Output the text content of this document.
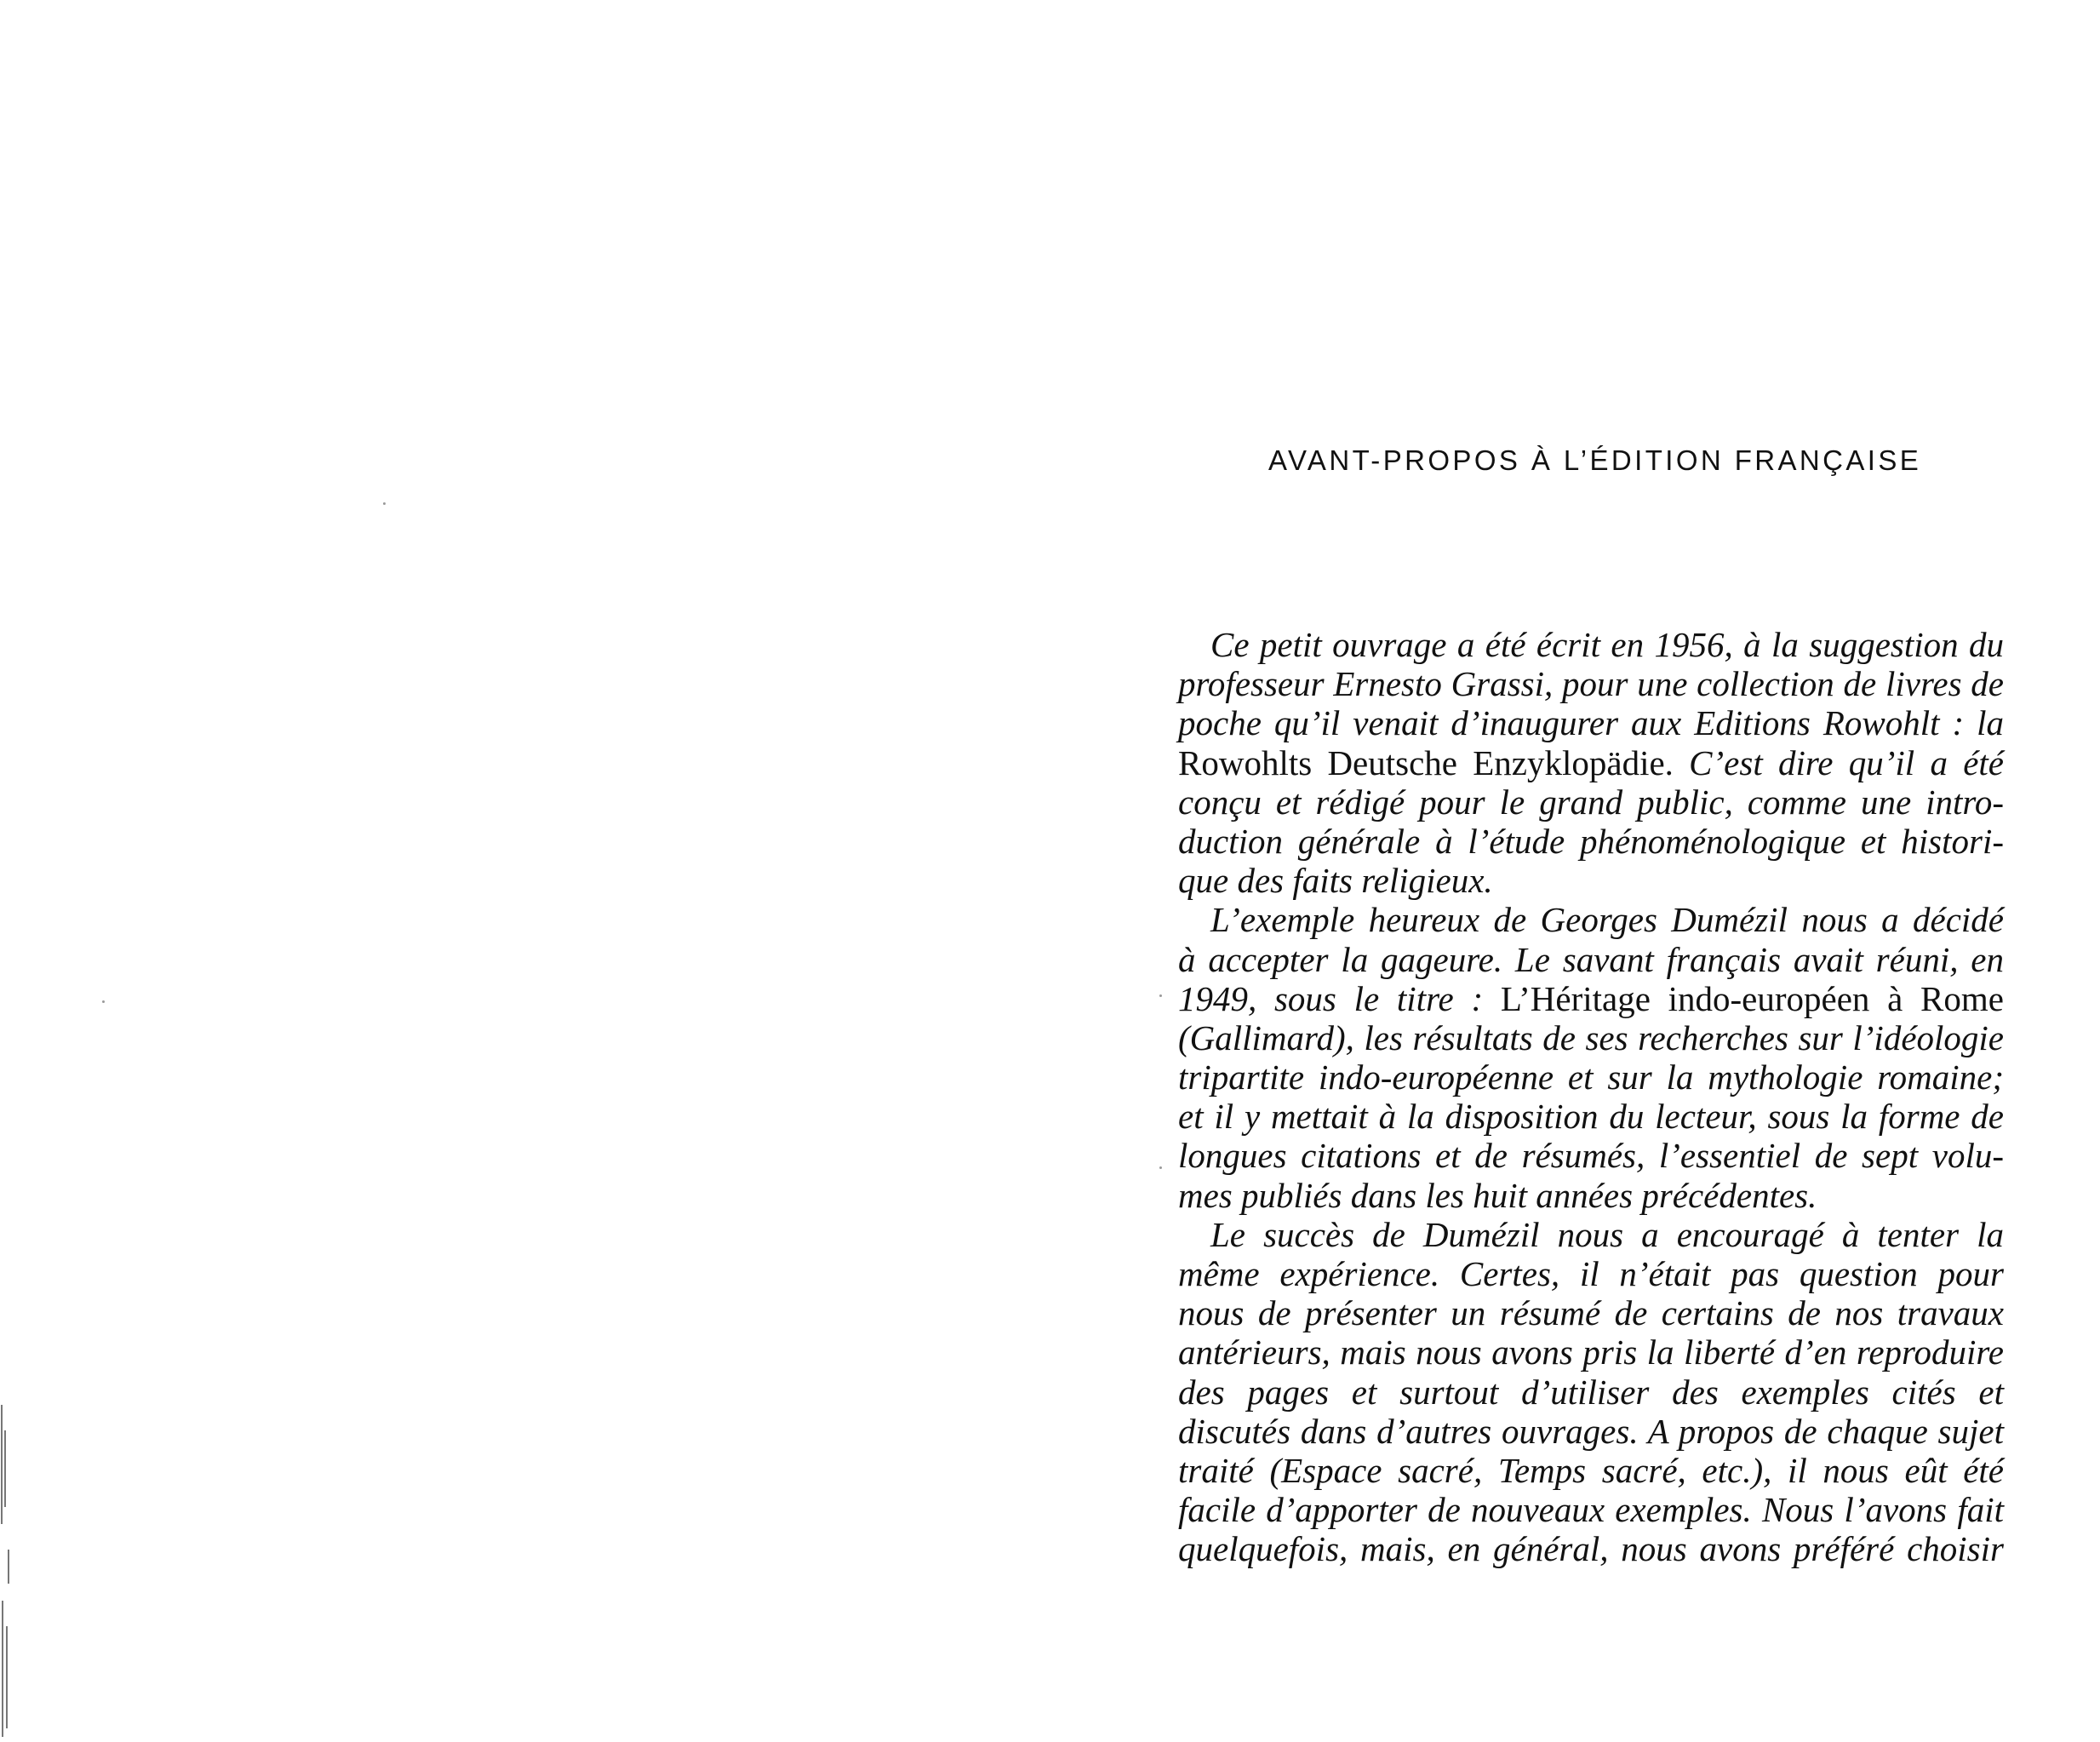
AVANT-PROPOS À L’ÉDITION FRANÇAISE
Ce petit ouvrage a été écrit en 1956, à la suggestion du
professeur Ernesto Grassi, pour une collection de livres de
poche qu’il venait d’inaugurer aux Editions Rowohlt : la
Rowohlts Deutsche Enzyklopädie. C’est dire qu’il a été
conçu et rédigé pour le grand public, comme une intro-
duction générale à l’étude phénoménologique et histori-
que des faits religieux.
L’exemple heureux de Georges Dumézil nous a décidé
à accepter la gageure. Le savant français avait réuni, en
1949, sous le titre : L’Héritage indo-européen à Rome
(Gallimard), les résultats de ses recherches sur l’idéologie
tripartite indo-européenne et sur la mythologie romaine;
et il y mettait à la disposition du lecteur, sous la forme de
longues citations et de résumés, l’essentiel de sept volu-
mes publiés dans les huit années précédentes.
Le succès de Dumézil nous a encouragé à tenter la
même expérience. Certes, il n’était pas question pour
nous de présenter un résumé de certains de nos travaux
antérieurs, mais nous avons pris la liberté d’en reproduire
des pages et surtout d’utiliser des exemples cités et
discutés dans d’autres ouvrages. A propos de chaque sujet
traité (Espace sacré, Temps sacré, etc.), il nous eût été
facile d’apporter de nouveaux exemples. Nous l’avons fait
quelquefois, mais, en général, nous avons préféré choisir
